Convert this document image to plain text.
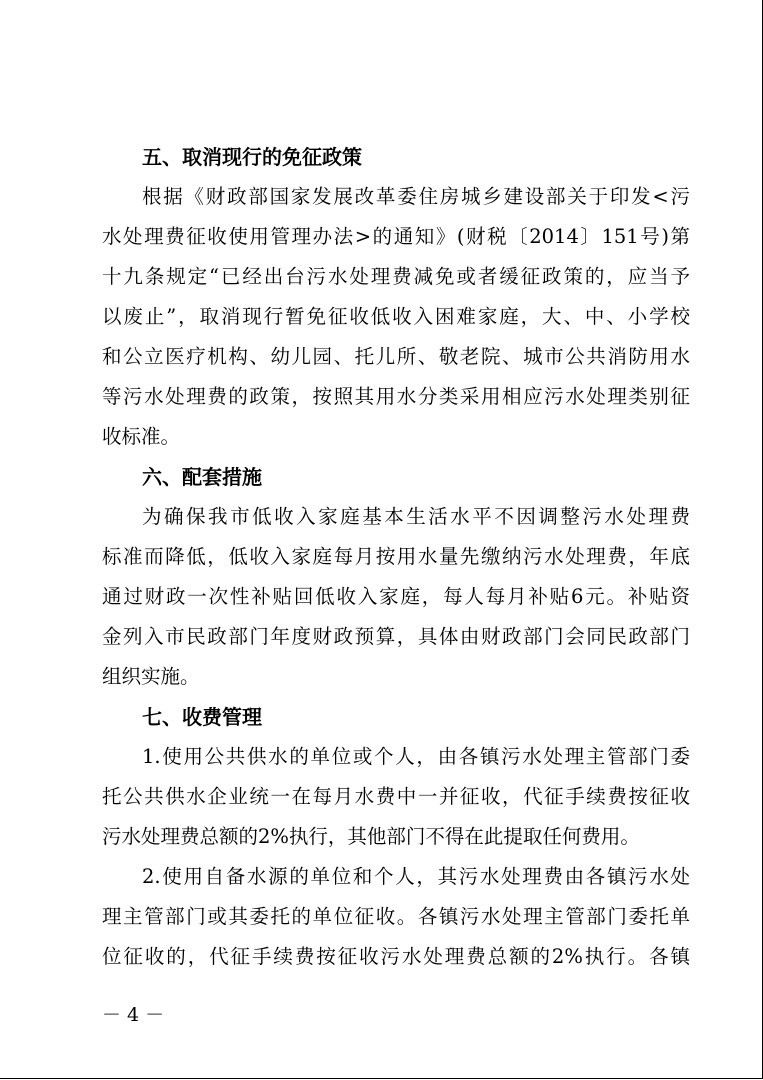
五、取消现行的免征政策
根据《财政部国家发展改革委住房城乡建设部关于印发<污
水处理费征收使用管理办法>的通知》(财税〔2014〕151号)第
十九条规定“已经出台污水处理费减免或者缓征政策的，应当予
以废止”，取消现行暂免征收低收入困难家庭，大、中、小学校
和公立医疗机构、幼儿园、托儿所、敬老院、城市公共消防用水
等污水处理费的政策，按照其用水分类采用相应污水处理类别征
收标准。
六、配套措施
为确保我市低收入家庭基本生活水平不因调整污水处理费
标准而降低，低收入家庭每月按用水量先缴纳污水处理费，年底
通过财政一次性补贴回低收入家庭，每人每月补贴6元。补贴资
金列入市民政部门年度财政预算，具体由财政部门会同民政部门
组织实施。
七、收费管理
1.使用公共供水的单位或个人，由各镇污水处理主管部门委
托公共供水企业统一在每月水费中一并征收，代征手续费按征收
污水处理费总额的2%执行，其他部门不得在此提取任何费用。
2.使用自备水源的单位和个人，其污水处理费由各镇污水处
理主管部门或其委托的单位征收。各镇污水处理主管部门委托单
位征收的，代征手续费按征收污水处理费总额的2%执行。各镇
－ 4 －
